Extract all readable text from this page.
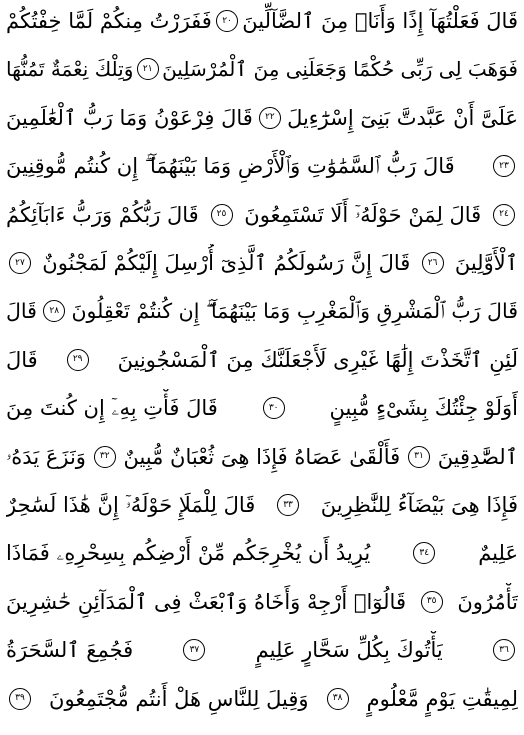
قَالَ فَعَلْتُهَآ إِذًا وَأَنَا۠ مِنَ ٱلضَّآلِّينَ
٢٠
فَفَرَرْتُ مِنكُمْ لَمَّا خِفْتُكُمْ
فَوَهَبَ لِى رَبِّى حُكْمًا وَجَعَلَنِى مِنَ ٱلْمُرْسَلِينَ
٢١
وَتِلْكَ نِعْمَةٌ تَمُنُّهَا
عَلَىَّ أَنْ عَبَّدتَّ بَنِىٓ إِسْرَٰٓءِيلَ
٢٢
قَالَ فِرْعَوْنُ وَمَا رَبُّ ٱلْعَٰلَمِينَ
٢٣
قَالَ رَبُّ ٱلسَّمَٰوَٰتِ وَٱلْأَرْضِ وَمَا بَيْنَهُمَآ ۖ إِن كُنتُم مُّوقِنِينَ
٢٤
قَالَ لِمَنْ حَوْلَهُۥٓ أَلَا تَسْتَمِعُونَ
٢٥
قَالَ رَبُّكُمْ وَرَبُّ ءَابَآئِكُمُ
ٱلْأَوَّلِينَ
٢٦
قَالَ إِنَّ رَسُولَكُمُ ٱلَّذِىٓ أُرْسِلَ إِلَيْكُمْ لَمَجْنُونٌ
٢٧
قَالَ رَبُّ ٱلْمَشْرِقِ وَٱلْمَغْرِبِ وَمَا بَيْنَهُمَآ ۖ إِن كُنتُمْ تَعْقِلُونَ
٢٨
قَالَ
لَئِنِ ٱتَّخَذْتَ إِلَٰهًا غَيْرِى لَأَجْعَلَنَّكَ مِنَ ٱلْمَسْجُونِينَ
٢٩
قَالَ
أَوَلَوْ جِئْتُكَ بِشَىْءٍ مُّبِينٍ
٣٠
قَالَ فَأْتِ بِهِۦٓ إِن كُنتَ مِنَ
ٱلصَّٰدِقِينَ
٣١
فَأَلْقَىٰ عَصَاهُ فَإِذَا هِىَ ثُعْبَانٌ مُّبِينٌ
٣٢
وَنَزَعَ يَدَهُۥ
فَإِذَا هِىَ بَيْضَآءُ لِلنَّٰظِرِينَ
٣٣
قَالَ لِلْمَلَإِ حَوْلَهُۥٓ إِنَّ هَٰذَا لَسَٰحِرٌ
عَلِيمٌ
٣٤
يُرِيدُ أَن يُخْرِجَكُم مِّنْ أَرْضِكُم بِسِحْرِهِۦ فَمَاذَا
تَأْمُرُونَ
٣٥
قَالُوٓا۟ أَرْجِهْ وَأَخَاهُ وَٱبْعَثْ فِى ٱلْمَدَآئِنِ حَٰشِرِينَ
٣٦
يَأْتُوكَ بِكُلِّ سَحَّارٍ عَلِيمٍ
٣٧
فَجُمِعَ ٱلسَّحَرَةُ
لِمِيقَٰتِ يَوْمٍ مَّعْلُومٍ
٣٨
وَقِيلَ لِلنَّاسِ هَلْ أَنتُم مُّجْتَمِعُونَ
٣٩
